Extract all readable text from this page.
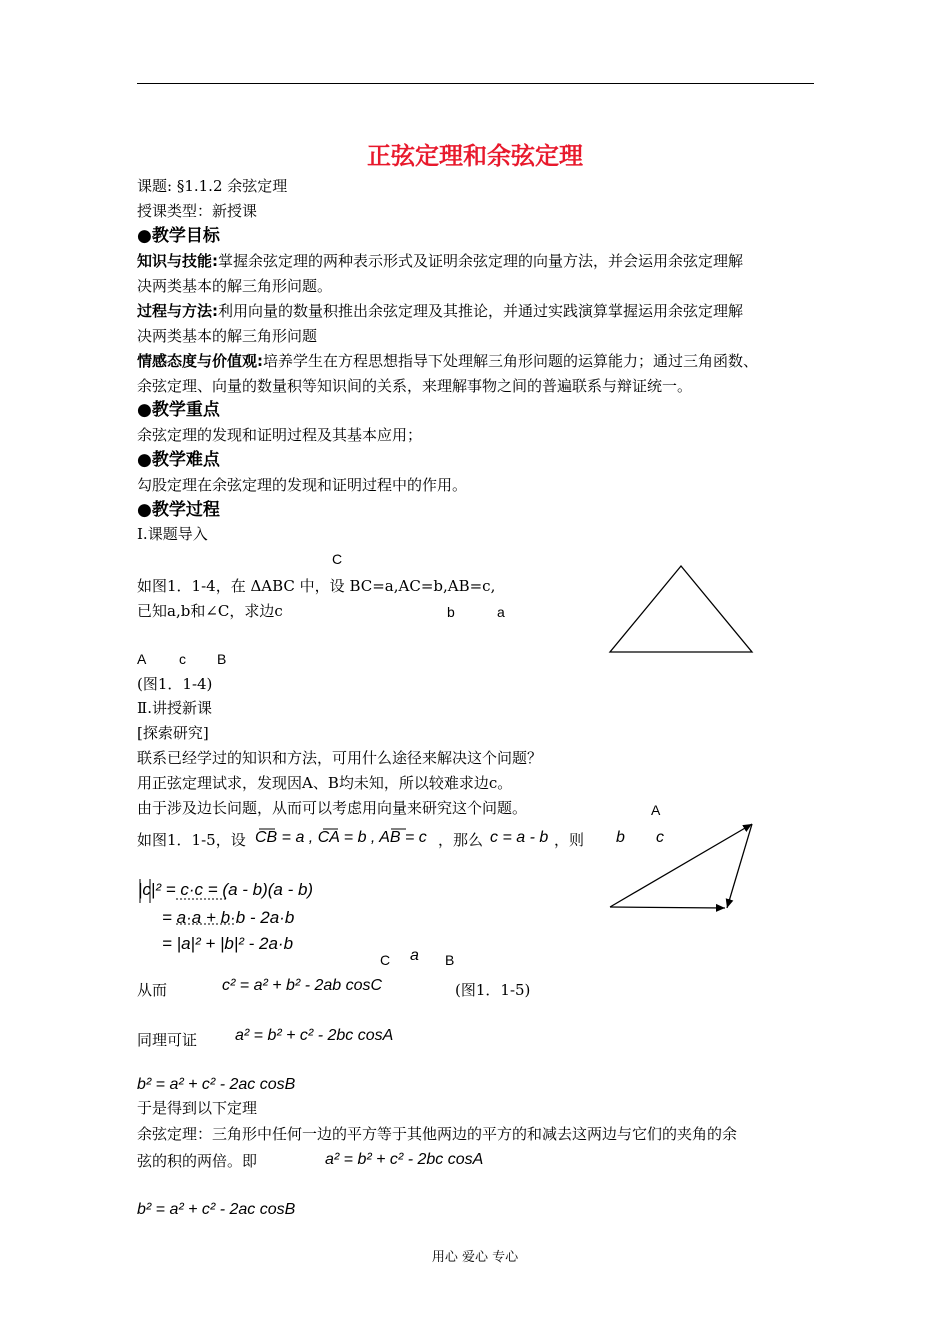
正弦定理和余弦定理
课题: §1.1.2 余弦定理
授课类型：新授课
●教学目标
知识与技能:掌握余弦定理的两种表示形式及证明余弦定理的向量方法，并会运用余弦定理解
决两类基本的解三角形问题。
过程与方法:利用向量的数量积推出余弦定理及其推论，并通过实践演算掌握运用余弦定理解
决两类基本的解三角形问题
情感态度与价值观:培养学生在方程思想指导下处理解三角形问题的运算能力；通过三角函数、
余弦定理、向量的数量积等知识间的关系，来理解事物之间的普遍联系与辩证统一。
●教学重点
余弦定理的发现和证明过程及其基本应用；
●教学难点
勾股定理在余弦定理的发现和证明过程中的作用。
●教学过程
Ⅰ.课题导入
C
如图1．1-4，在 ΔABC 中，设 BC=a,AC=b,AB=c,
已知a,b和∠C，求边c	b	a
A c B
(图1．1-4)
Ⅱ.讲授新课
[探索研究]
联系已经学过的知识和方法，可用什么途径来解决这个问题？
用正弦定理试求，发现因A、B均未知，所以较难求边c。
由于涉及边长问题，从而可以考虑用向量来研究这个问题。	A
如图1．1-5，设 CB = a , CA = b , AB = c ，那么 c = a - b ，则 b c
|c|² = c·c = (a - b)(a - b)
= a·a + b·b - 2a·b
= |a|² + |b|² - 2a·b
C a B
从而	c² = a² + b² - 2ab cosC	(图1．1-5)
同理可证 a² = b² + c² - 2bc cosA
b² = a² + c² - 2ac cosB
于是得到以下定理
余弦定理：三角形中任何一边的平方等于其他两边的平方的和减去这两边与它们的夹角的余
弦的积的两倍。即	a² = b² + c² - 2bc cosA
b² = a² + c² - 2ac cosB
用心 爱心 专心
